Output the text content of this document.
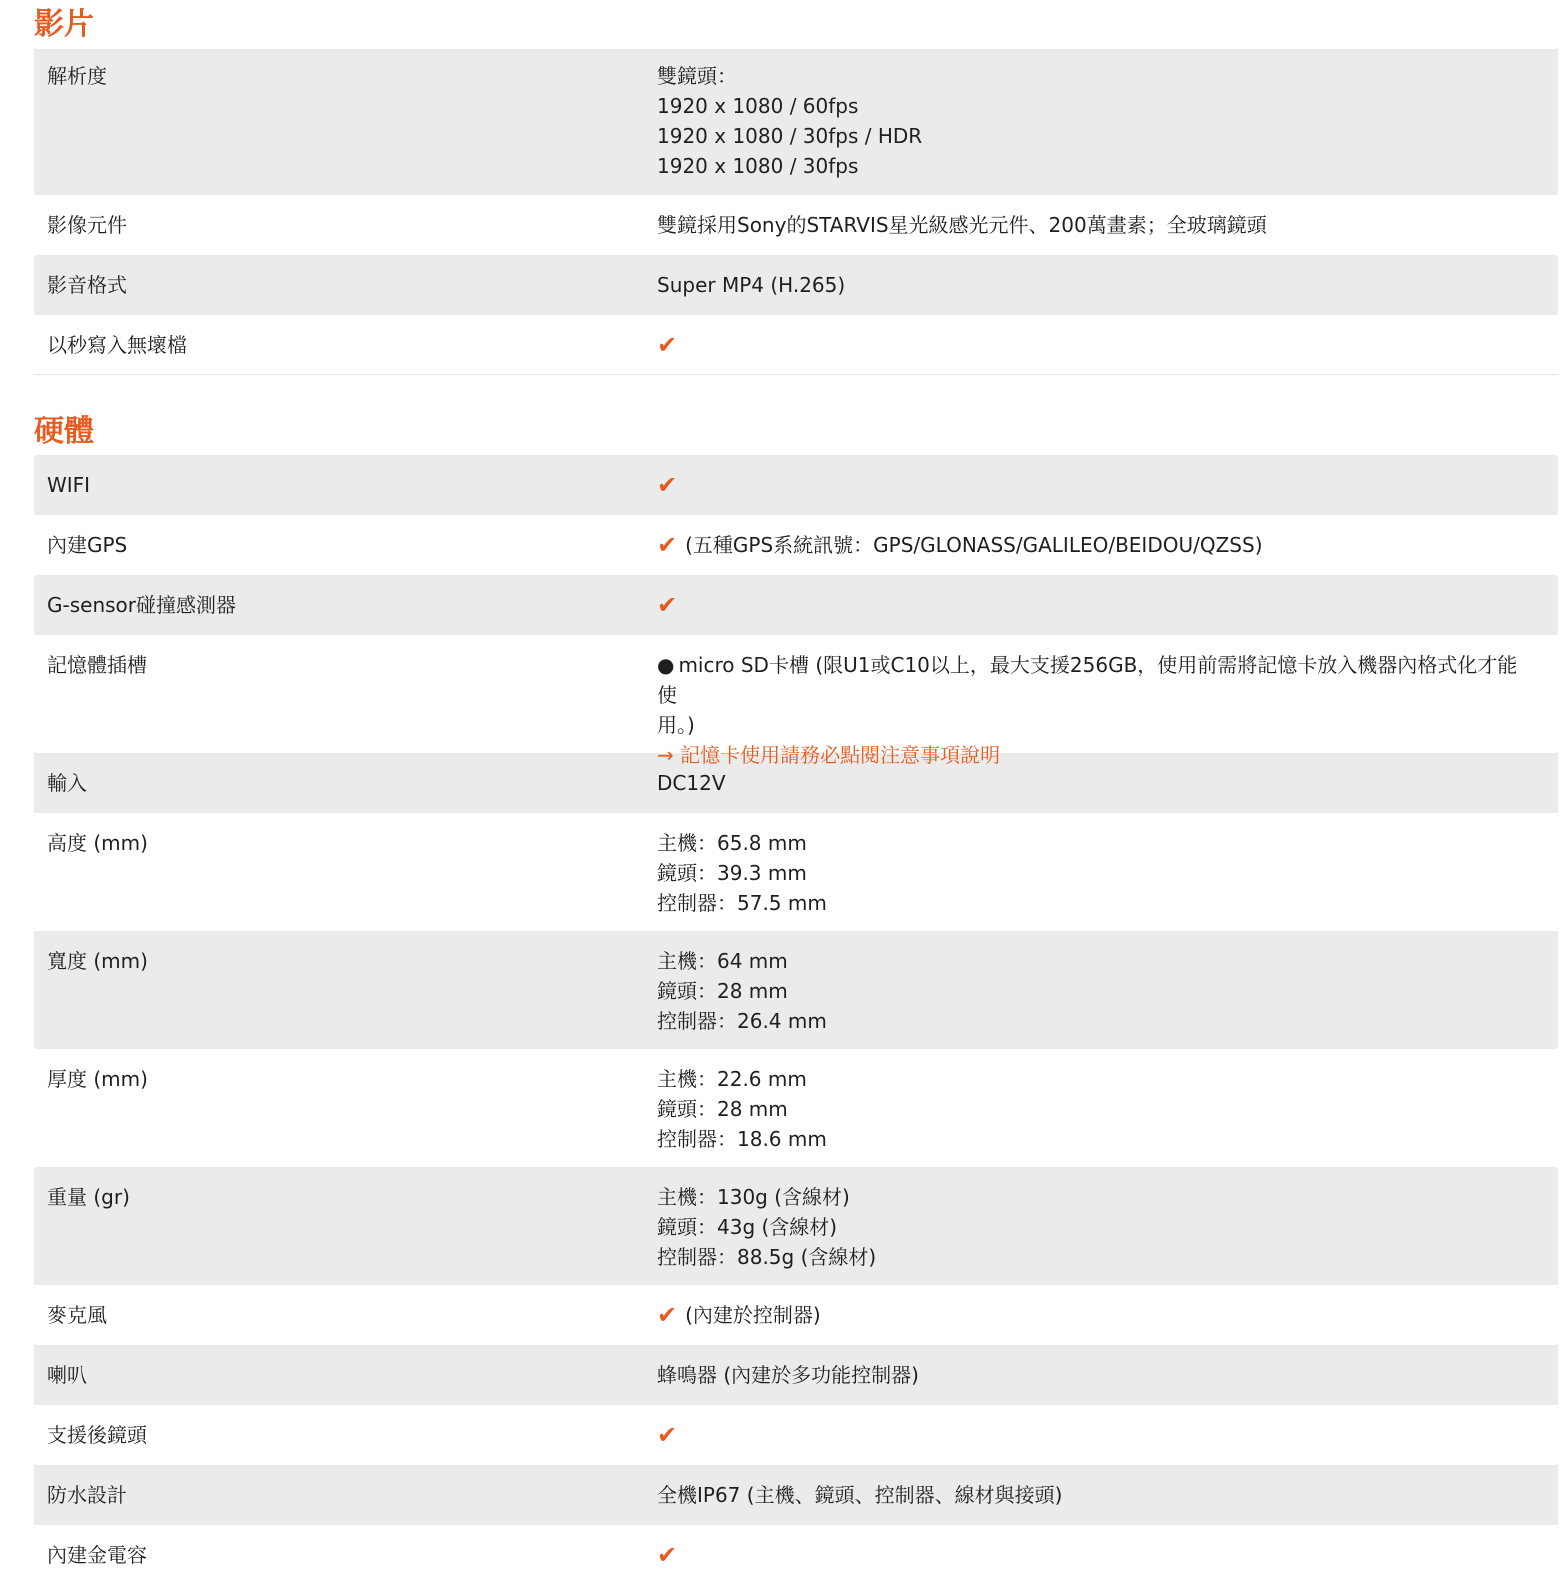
影片
解析度	雙鏡頭：
1920 x 1080 / 60fps
1920 x 1080 / 30fps / HDR
1920 x 1080 / 30fps
影像元件	雙鏡採用Sony的STARVIS星光級感光元件、200萬畫素；全玻璃鏡頭
影音格式	Super MP4 (H.265)
以秒寫入無壞檔	✔
硬體
WIFI	✔
內建GPS	✔ (五種GPS系統訊號：GPS/GLONASS/GALILEO/BEIDOU/QZSS)
G-sensor碰撞感測器	✔
記憶體插槽	● micro SD卡槽 (限U1或C10以上，最大支援256GB，使用前需將記憶卡放入機器內格式化才能使
用。)
→ 記憶卡使用請務必點閱注意事項說明
輸入	DC12V
高度 (mm)	主機：65.8 mm
鏡頭：39.3 mm
控制器：57.5 mm
寬度 (mm)	主機：64 mm
鏡頭：28 mm
控制器：26.4 mm
厚度 (mm)	主機：22.6 mm
鏡頭：28 mm
控制器：18.6 mm
重量 (gr)	主機：130g (含線材)
鏡頭：43g (含線材)
控制器：88.5g (含線材)
麥克風	✔ (內建於控制器)
喇叭	蜂鳴器 (內建於多功能控制器)
支援後鏡頭	✔
防水設計	全機IP67 (主機、鏡頭、控制器、線材與接頭)
內建金電容	✔
